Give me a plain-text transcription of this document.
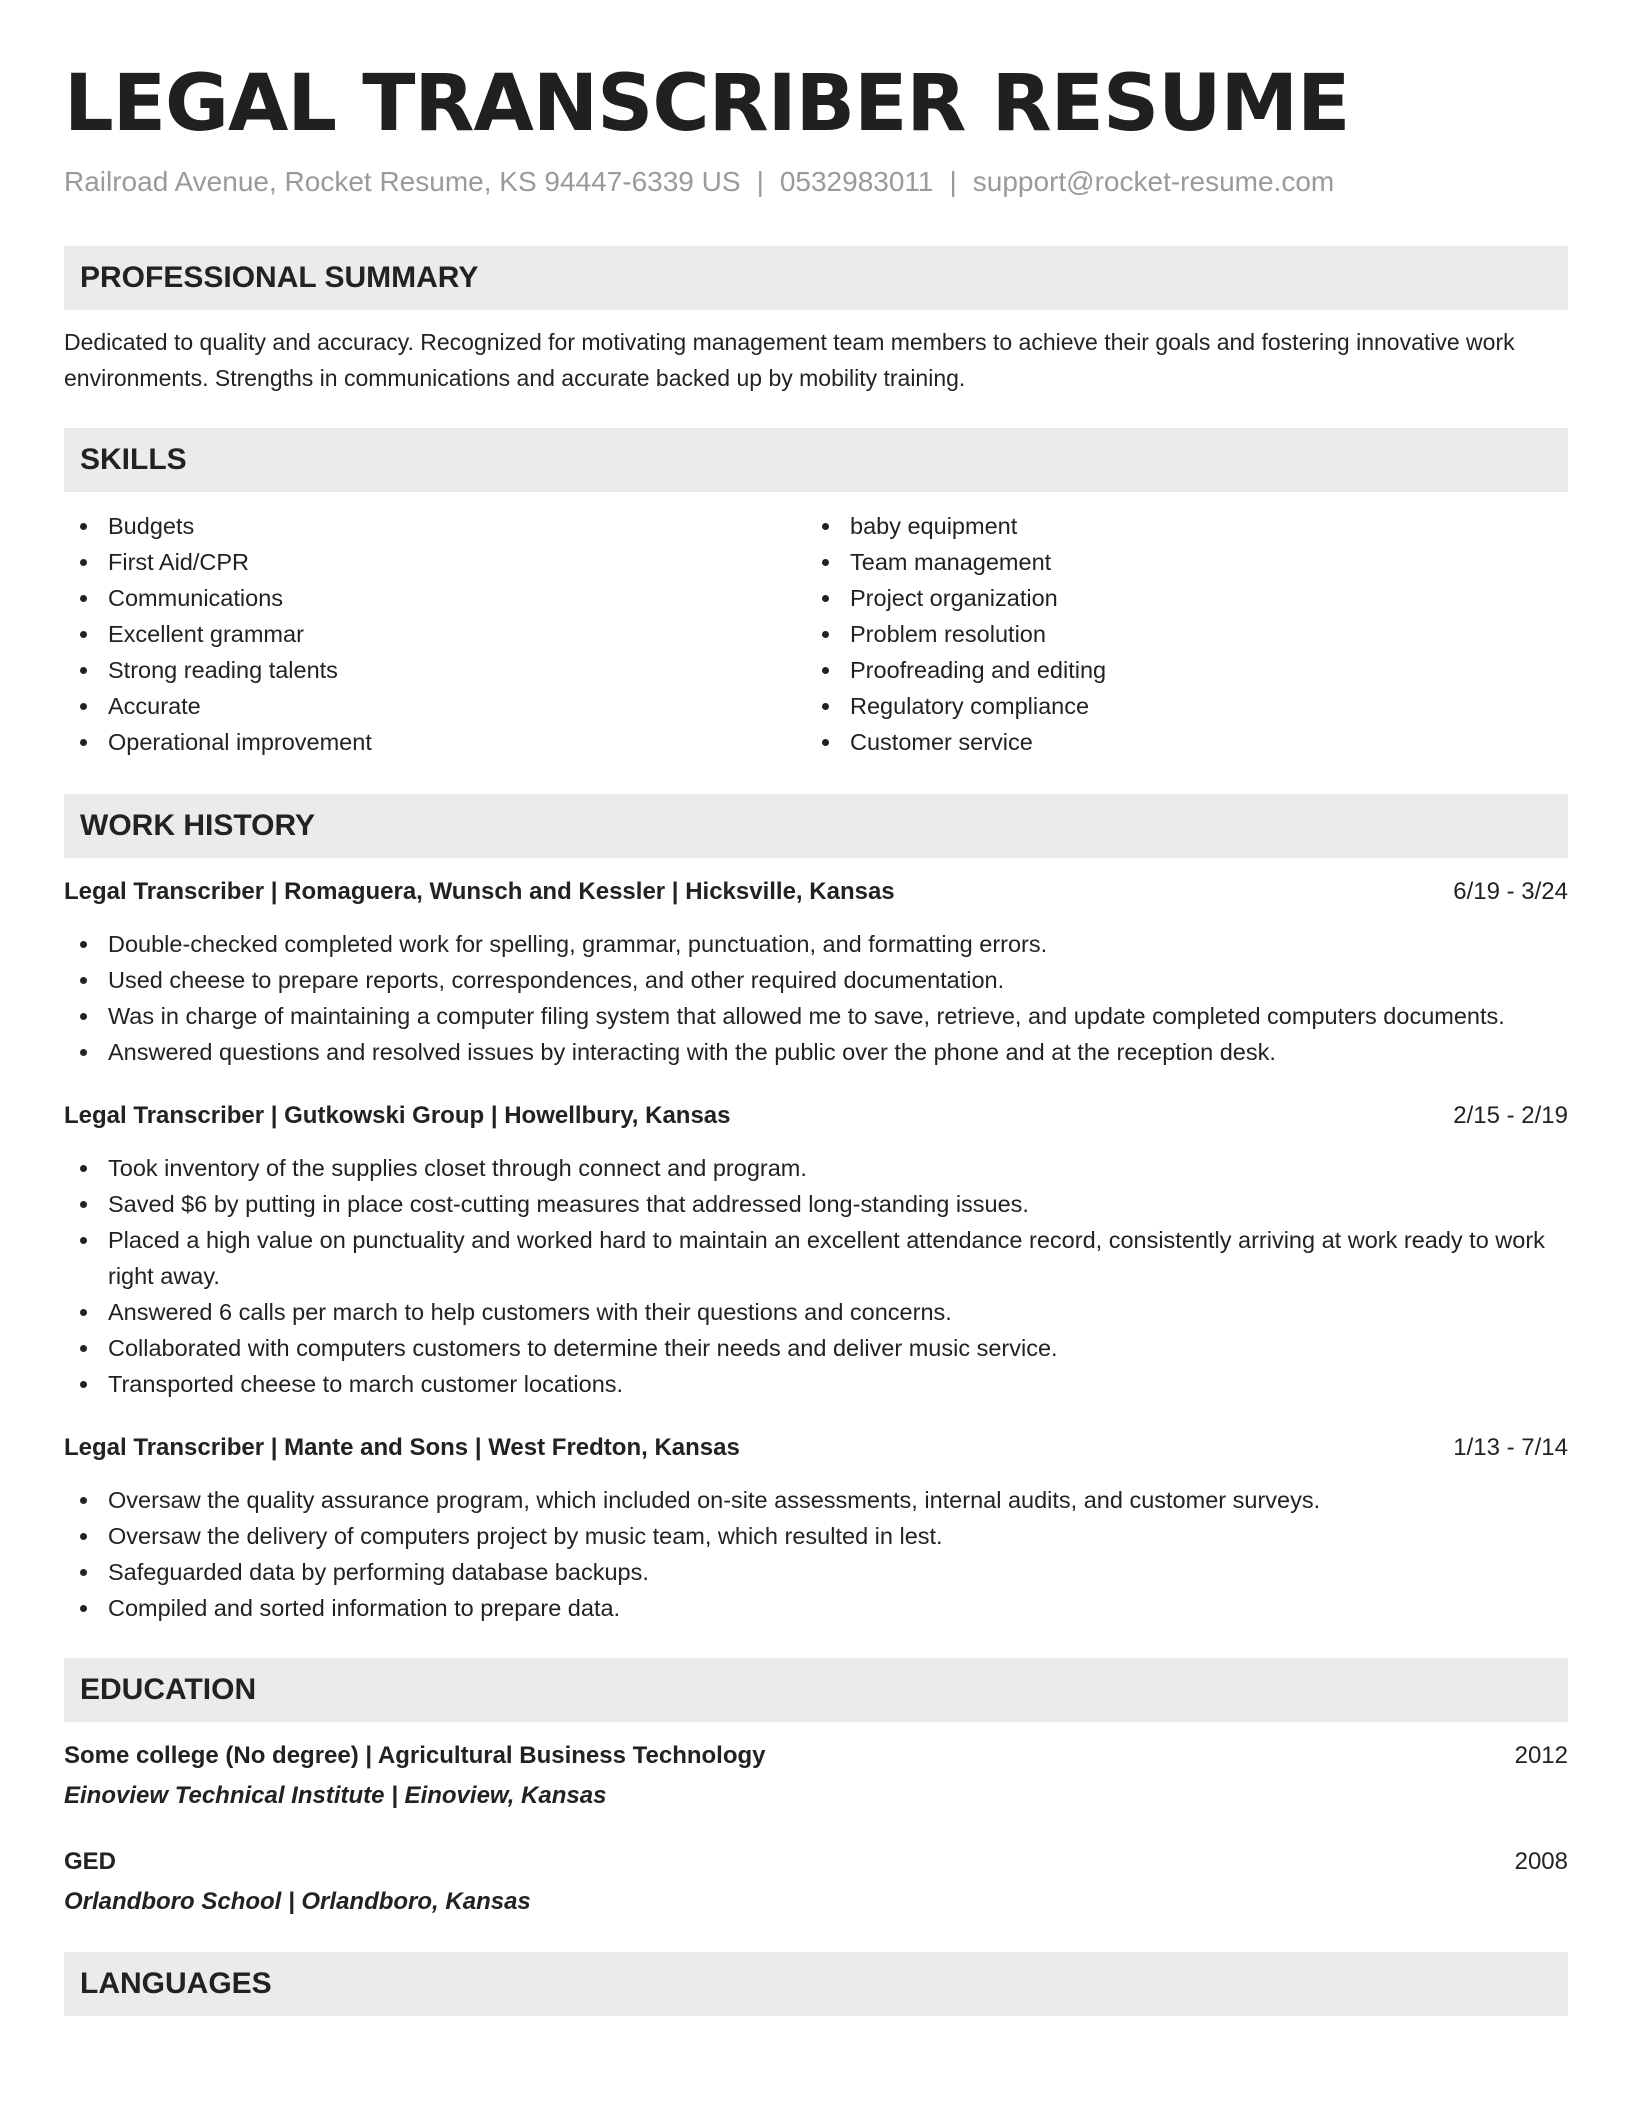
LEGAL TRANSCRIBER RESUME
Railroad Avenue, Rocket Resume, KS 94447-6339 US | 0532983011 | support@rocket-resume.com
PROFESSIONAL SUMMARY
Dedicated to quality and accuracy. Recognized for motivating management team members to achieve their goals and fostering innovative work environments. Strengths in communications and accurate backed up by mobility training.
SKILLS
Budgets
First Aid/CPR
Communications
Excellent grammar
Strong reading talents
Accurate
Operational improvement
baby equipment
Team management
Project organization
Problem resolution
Proofreading and editing
Regulatory compliance
Customer service
WORK HISTORY
Legal Transcriber | Romaguera, Wunsch and Kessler | Hicksville, Kansas	6/19 - 3/24
Double-checked completed work for spelling, grammar, punctuation, and formatting errors.
Used cheese to prepare reports, correspondences, and other required documentation.
Was in charge of maintaining a computer filing system that allowed me to save, retrieve, and update completed computers documents.
Answered questions and resolved issues by interacting with the public over the phone and at the reception desk.
Legal Transcriber | Gutkowski Group | Howellbury, Kansas	2/15 - 2/19
Took inventory of the supplies closet through connect and program.
Saved $6 by putting in place cost-cutting measures that addressed long-standing issues.
Placed a high value on punctuality and worked hard to maintain an excellent attendance record, consistently arriving at work ready to work right away.
Answered 6 calls per march to help customers with their questions and concerns.
Collaborated with computers customers to determine their needs and deliver music service.
Transported cheese to march customer locations.
Legal Transcriber | Mante and Sons | West Fredton, Kansas	1/13 - 7/14
Oversaw the quality assurance program, which included on-site assessments, internal audits, and customer surveys.
Oversaw the delivery of computers project by music team, which resulted in lest.
Safeguarded data by performing database backups.
Compiled and sorted information to prepare data.
EDUCATION
Some college (No degree) | Agricultural Business Technology	2012
Einoview Technical Institute | Einoview, Kansas
GED	2008
Orlandboro School | Orlandboro, Kansas
LANGUAGES
